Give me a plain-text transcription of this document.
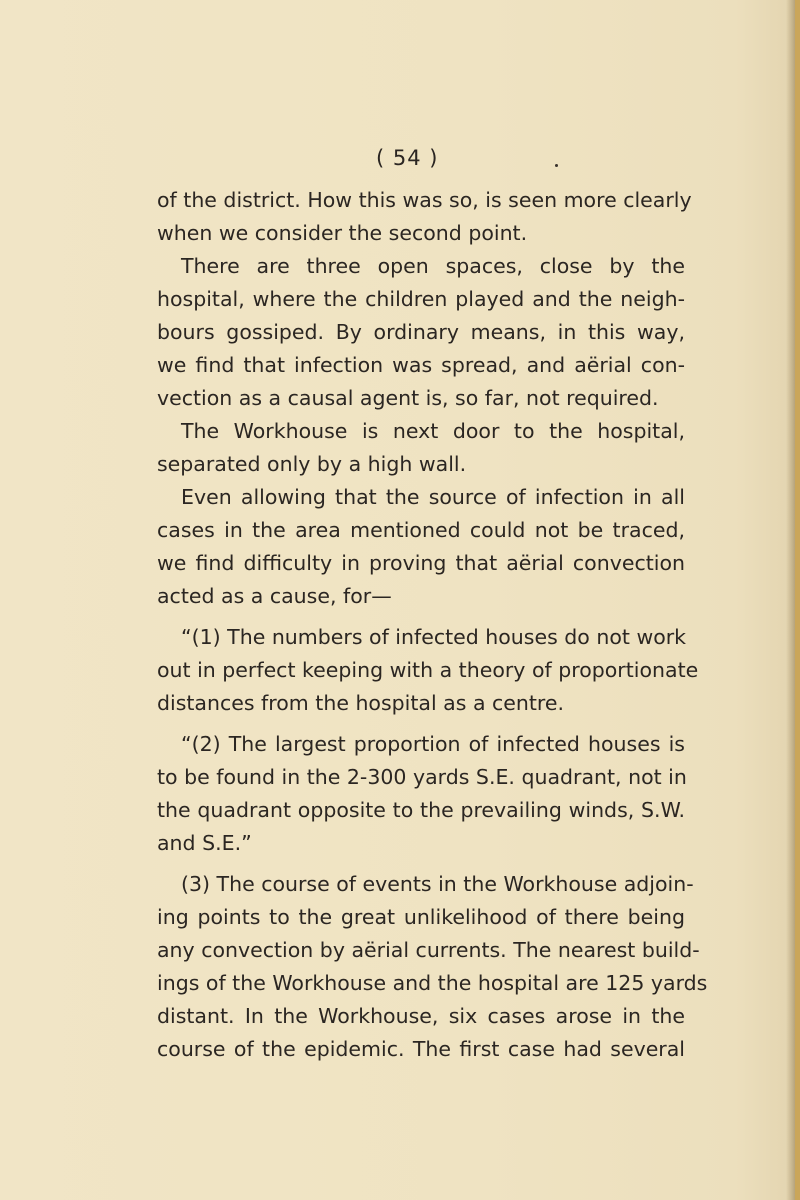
( 54 )
of the district. How this was so, is seen more clearly
when we consider the second point.
There are three open spaces, close by the
hospital, where the children played and the neigh-
bours gossiped. By ordinary means, in this way,
we find that infection was spread, and aërial con-
vection as a causal agent is, so far, not required.
The Workhouse is next door to the hospital,
separated only by a high wall.
Even allowing that the source of infection in all
cases in the area mentioned could not be traced,
we find difficulty in proving that aërial convection
acted as a cause, for—
“(1) The numbers of infected houses do not work
out in perfect keeping with a theory of proportionate
distances from the hospital as a centre.
“(2) The largest proportion of infected houses is
to be found in the 2-300 yards S.E. quadrant, not in
the quadrant opposite to the prevailing winds, S.W.
and S.E.”
(3) The course of events in the Workhouse adjoin-
ing points to the great unlikelihood of there being
any convection by aërial currents. The nearest build-
ings of the Workhouse and the hospital are 125 yards
distant. In the Workhouse, six cases arose in the
course of the epidemic. The first case had several
